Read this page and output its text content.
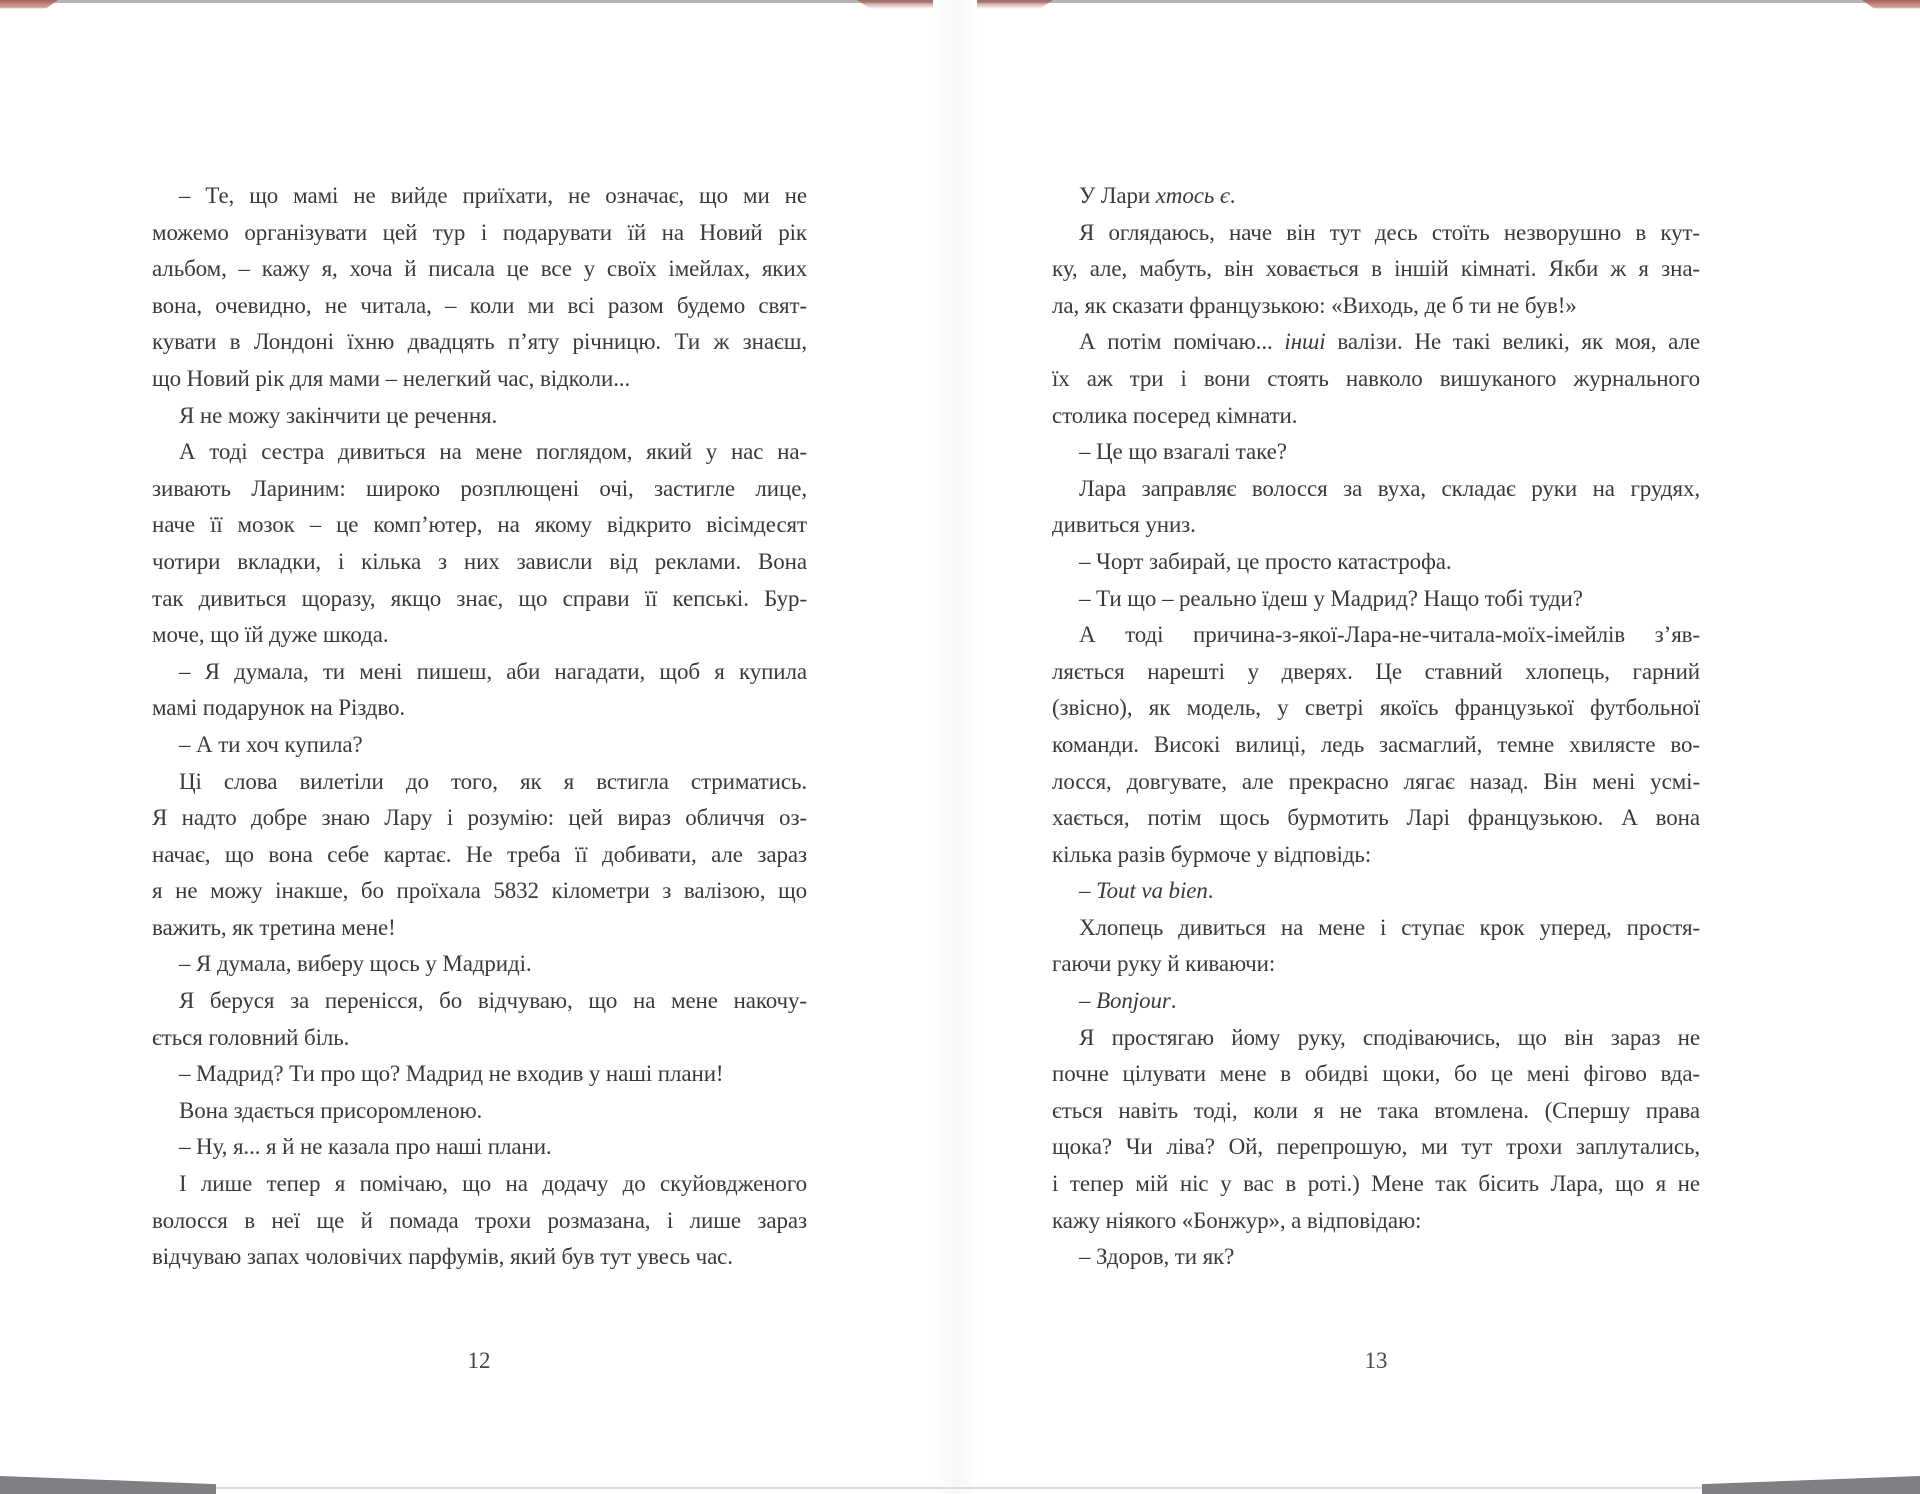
– Те, що мамі не вийде приїхати, не означає, що ми не
можемо організувати цей тур і подарувати їй на Новий рік
альбом, – кажу я, хоча й писала це все у своїх імейлах, яких
вона, очевидно, не читала, – коли ми всі разом будемо свят-
кувати в Лондоні їхню двадцять п’яту річницю. Ти ж знаєш,
що Новий рік для мами – нелегкий час, відколи...
Я не можу закінчити це речення.
А тоді сестра дивиться на мене поглядом, який у нас на-
зивають Лариним: широко розплющені очі, застигле лице,
наче її мозок – це комп’ютер, на якому відкрито вісімдесят
чотири вкладки, і кілька з них зависли від реклами. Вона
так дивиться щоразу, якщо знає, що справи її кепські. Бур-
моче, що їй дуже шкода.
– Я думала, ти мені пишеш, аби нагадати, щоб я купила
мамі подарунок на Різдво.
– А ти хоч купила?
Ці слова вилетіли до того, як я встигла стриматись.
Я надто добре знаю Лару і розумію: цей вираз обличчя оз-
начає, що вона себе картає. Не треба її добивати, але зараз
я не можу інакше, бо проїхала 5832 кілометри з валізою, що
важить, як третина мене!
– Я думала, виберу щось у Мадриді.
Я беруся за перенісся, бо відчуваю, що на мене накочу-
ється головний біль.
– Мадрид? Ти про що? Мадрид не входив у наші плани!
Вона здається присоромленою.
– Ну, я... я й не казала про наші плани.
І лише тепер я помічаю, що на додачу до скуйовдженого
волосся в неї ще й помада трохи розмазана, і лише зараз
відчуваю запах чоловічих парфумів, який був тут увесь час.
12
У Лари хтось є.
Я оглядаюсь, наче він тут десь стоїть незворушно в кут-
ку, але, мабуть, він ховається в іншій кімнаті. Якби ж я зна-
ла, як сказати французькою: «Виходь, де б ти не був!»
А потім помічаю... інші валізи. Не такі великі, як моя, але
їх аж три і вони стоять навколо вишуканого журнального
столика посеред кімнати.
– Це що взагалі таке?
Лара заправляє волосся за вуха, складає руки на грудях,
дивиться униз.
– Чорт забирай, це просто катастрофа.
– Ти що – реально їдеш у Мадрид? Нащо тобі туди?
А тоді причина-з-якої-Лара-не-читала-моїх-імейлів з’яв-
ляється нарешті у дверях. Це ставний хлопець, гарний
(звісно), як модель, у светрі якоїсь французької футбольної
команди. Високі вилиці, ледь засмаглий, темне хвилясте во-
лосся, довгувате, але прекрасно лягає назад. Він мені усмі-
хається, потім щось бурмотить Ларі французькою. А вона
кілька разів бурмоче у відповідь:
– Tout va bien.
Хлопець дивиться на мене і ступає крок уперед, простя-
гаючи руку й киваючи:
– Bonjour.
Я простягаю йому руку, сподіваючись, що він зараз не
почне цілувати мене в обидві щоки, бо це мені фігово вда-
ється навіть тоді, коли я не така втомлена. (Спершу права
щока? Чи ліва? Ой, перепрошую, ми тут трохи заплутались,
і тепер мій ніс у вас в роті.) Мене так бісить Лара, що я не
кажу ніякого «Бонжур», а відповідаю:
– Здоров, ти як?
13
